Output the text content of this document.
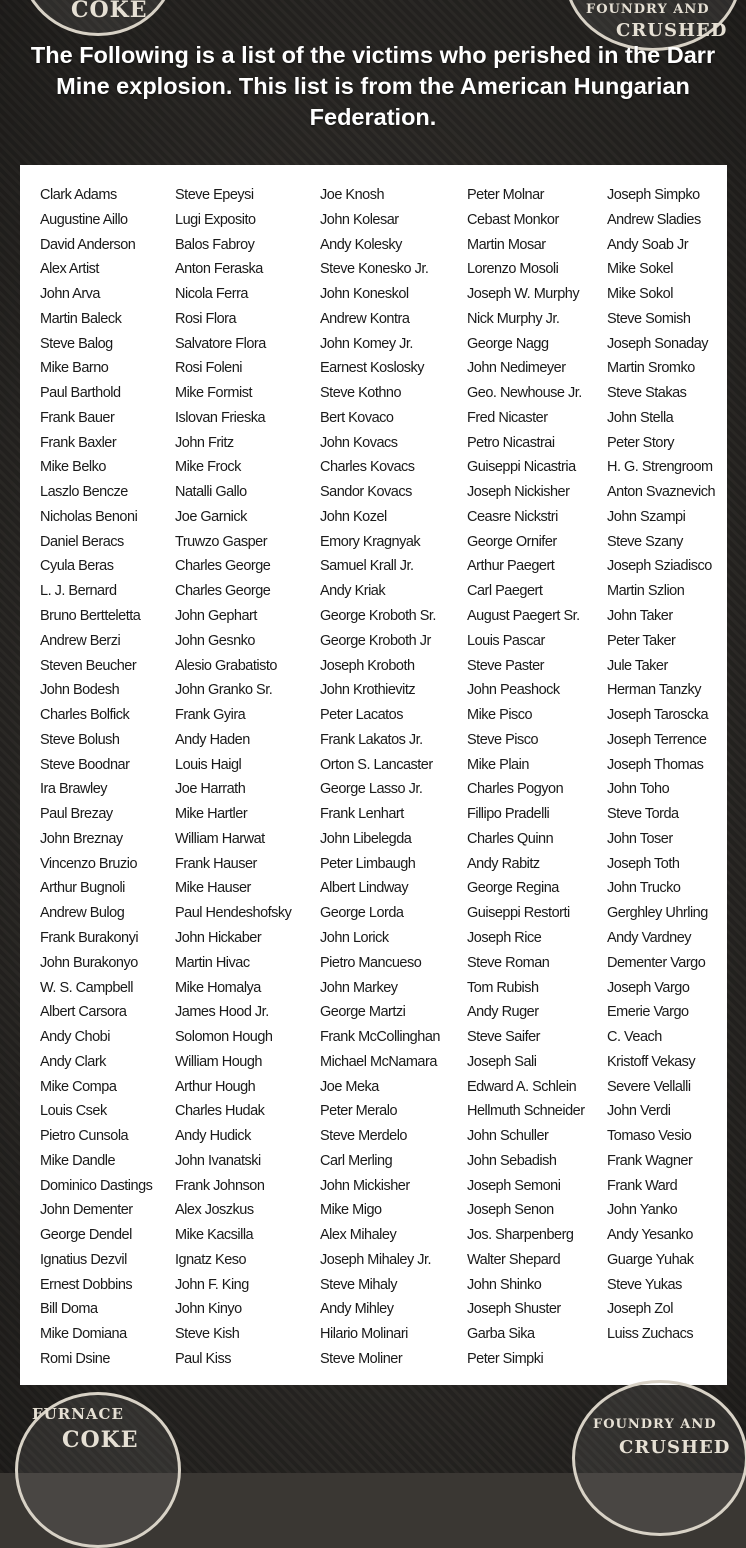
COKE	FOUNDRY AND
CRUSHED
The Following is a list of the victims who perished in the Darr Mine explosion. This list is from the American Hungarian Federation.
Clark Adams
Augustine Aillo
David Anderson
Alex Artist
John Arva
Martin Baleck
Steve Balog
Mike Barno
Paul Barthold
Frank Bauer
Frank Baxler
Mike Belko
Laszlo Bencze
Nicholas Benoni
Daniel Beracs
Cyula Beras
L. J. Bernard
Bruno Bertteletta
Andrew Berzi
Steven Beucher
John Bodesh
Charles Bolfick
Steve Bolush
Steve Boodnar
Ira Brawley
Paul Brezay
John Breznay
Vincenzo Bruzio
Arthur Bugnoli
Andrew Bulog
Frank Burakonyi
John Burakonyo
W. S. Campbell
Albert Carsora
Andy Chobi
Andy Clark
Mike Compa
Louis Csek
Pietro Cunsola
Mike Dandle
Dominico Dastings
John Dementer
George Dendel
Ignatius Dezvil
Ernest Dobbins
Bill Doma
Mike Domiana
Romi Dsine
Steve Epeysi
Lugi Exposito
Balos Fabroy
Anton Feraska
Nicola Ferra
Rosi Flora
Salvatore Flora
Rosi Foleni
Mike Formist
Islovan Frieska
John Fritz
Mike Frock
Natalli Gallo
Joe Garnick
Truwzo Gasper
Charles George
Charles George
John Gephart
John Gesnko
Alesio Grabatisto
John Granko Sr.
Frank Gyira
Andy Haden
Louis Haigl
Joe Harrath
Mike Hartler
William Harwat
Frank Hauser
Mike Hauser
Paul Hendeshofsky
John Hickaber
Martin Hivac
Mike Homalya
James Hood Jr.
Solomon Hough
William Hough
Arthur Hough
Charles Hudak
Andy Hudick
John Ivanatski
Frank Johnson
Alex Joszkus
Mike Kacsilla
Ignatz Keso
John F. King
John Kinyo
Steve Kish
Paul Kiss
Joe Knosh
John Kolesar
Andy Kolesky
Steve Konesko Jr.
John Koneskol
Andrew Kontra
John Komey Jr.
Earnest Koslosky
Steve Kothno
Bert Kovaco
John Kovacs
Charles Kovacs
Sandor Kovacs
John Kozel
Emory Kragnyak
Samuel Krall Jr.
Andy Kriak
George Kroboth Sr.
George Kroboth Jr
Joseph Kroboth
John Krothievitz
Peter Lacatos
Frank Lakatos Jr.
Orton S. Lancaster
George Lasso Jr.
Frank Lenhart
John Libelegda
Peter Limbaugh
Albert Lindway
George Lorda
John Lorick
Pietro Mancueso
John Markey
George Martzi
Frank McCollinghan
Michael McNamara
Joe Meka
Peter Meralo
Steve Merdelo
Carl Merling
John Mickisher
Mike Migo
Alex Mihaley
Joseph Mihaley Jr.
Steve Mihaly
Andy Mihley
Hilario Molinari
Steve Moliner
Peter Molnar
Cebast Monkor
Martin Mosar
Lorenzo Mosoli
Joseph W. Murphy
Nick Murphy Jr.
George Nagg
John Nedimeyer
Geo. Newhouse Jr.
Fred Nicaster
Petro Nicastrai
Guiseppi Nicastria
Joseph Nickisher
Ceasre Nickstri
George Ornifer
Arthur Paegert
Carl Paegert
August Paegert Sr.
Louis Pascar
Steve Paster
John Peashock
Mike Pisco
Steve Pisco
Mike Plain
Charles Pogyon
Fillipo Pradelli
Charles Quinn
Andy Rabitz
George Regina
Guiseppi Restorti
Joseph Rice
Steve Roman
Tom Rubish
Andy Ruger
Steve Saifer
Joseph Sali
Edward A. Schlein
Hellmuth Schneider
John Schuller
John Sebadish
Joseph Semoni
Joseph Senon
Jos. Sharpenberg
Walter Shepard
John Shinko
Joseph Shuster
Garba Sika
Peter Simpki
Joseph Simpko
Andrew Sladies
Andy Soab Jr
Mike Sokel
Mike Sokol
Steve Somish
Joseph Sonaday
Martin Sromko
Steve Stakas
John Stella
Peter Story
H. G. Strengroom
Anton Svaznevich
John Szampi
Steve Szany
Joseph Sziadisco
Martin Szlion
John Taker
Peter Taker
Jule Taker
Herman Tanzky
Joseph Taroscka
Joseph Terrence
Joseph Thomas
John Toho
Steve Torda
John Toser
Joseph Toth
John Trucko
Gerghley Uhrling
Andy Vardney
Dementer Vargo
Joseph Vargo
Emerie Vargo
C. Veach
Kristoff Vekasy
Severe Vellalli
John Verdi
Tomaso Vesio
Frank Wagner
Frank Ward
John Yanko
Andy Yesanko
Guarge Yuhak
Steve Yukas
Joseph Zol
Luiss Zuchacs
FURNACE
COKE
FOUNDRY AND
CRUSHED
